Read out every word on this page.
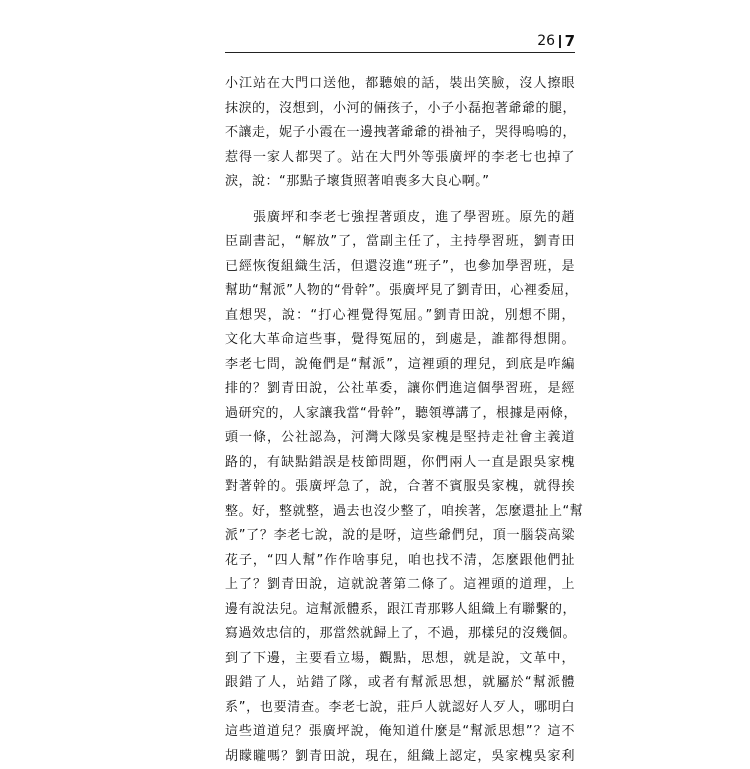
26 7
小江站在大門口送他，都聽娘的話，裝出笑臉，沒人擦眼
抹淚的，沒想到，小河的倆孩子，小子小磊抱著爺爺的腿，
不讓走，妮子小霞在一邊拽著爺爺的褂袖子，哭得嗚嗚的，
惹得一家人都哭了。站在大門外等張廣坪的李老七也掉了
淚，說：“那點子壞貨照著咱喪多大良心啊。”
　　張廣坪和李老七強捏著頭皮，進了學習班。原先的趙
臣副書記，“解放”了，當副主任了，主持學習班，劉青田
已經恢復組織生活，但還沒進“班子”，也參加學習班，是
幫助“幫派”人物的“骨幹”。張廣坪見了劉青田，心裡委屈，
直想哭，說：“打心裡覺得冤屈。”劉青田說，別想不開，
文化大革命這些事，覺得冤屈的，到處是，誰都得想開。
李老七問，說俺們是“幫派”，這裡頭的理兒，到底是咋編
排的？劉青田說，公社革委，讓你們進這個學習班，是經
過研究的，人家讓我當“骨幹”，聽領導講了，根據是兩條，
頭一條，公社認為，河灣大隊吳家槐是堅持走社會主義道
路的，有缺點錯誤是枝節問題，你們兩人一直是跟吳家槐
對著幹的。張廣坪急了，說，合著不賓服吳家槐，就得挨
整。好，整就整，過去也沒少整了，咱挨著，怎麼還扯上“幫
派”了？李老七說，說的是呀，這些爺們兒，頂一腦袋高粱
花子，“四人幫”作作啥事兒，咱也找不清，怎麼跟他們扯
上了？劉青田說，這就說著第二條了。這裡頭的道理，上
邊有說法兒。這幫派體系，跟江青那夥人組織上有聯繫的，
寫過效忠信的，那當然就歸上了，不過，那樣兒的沒幾個。
到了下邊，主要看立場，觀點，思想，就是說，文革中，
跟錯了人，站錯了隊，或者有幫派思想，就屬於“幫派體
系”，也要清查。李老七說，莊戶人就認好人歹人，哪明白
這些道道兒？張廣坪說，俺知道什麼是“幫派思想”？這不
胡矇矓嗎？劉青田說，現在，組織上認定，吳家槐吳家利
